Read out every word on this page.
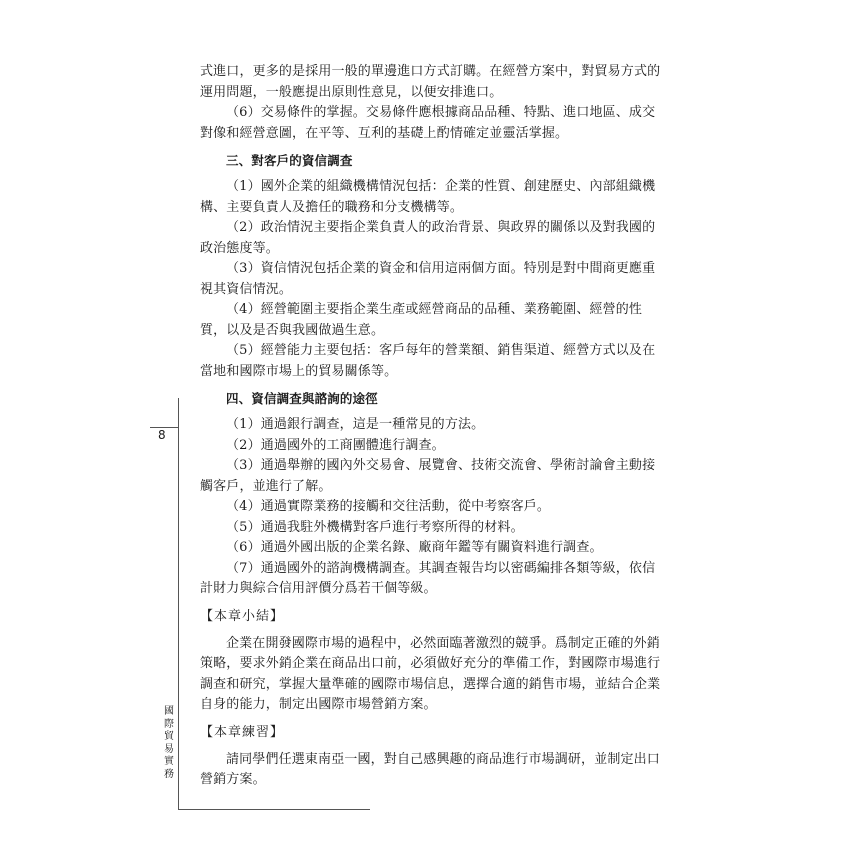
式進口，更多的是採用一般的單邊進口方式訂購。在經營方案中，對貿易方式的運用問題，一般應提出原則性意見，以便安排進口。

（6）交易條件的掌握。交易條件應根據商品品種、特點、進口地區、成交對像和經營意圖，在平等、互利的基礎上酌情確定並靈活掌握。

三、對客戶的資信調查

（1）國外企業的組織機構情況包括：企業的性質、創建歷史、內部組織機構、主要負責人及擔任的職務和分支機構等。

（2）政治情況主要指企業負責人的政治背景、與政界的關係以及對我國的政治態度等。

（3）資信情況包括企業的資金和信用這兩個方面。特別是對中間商更應重視其資信情況。

（4）經營範圍主要指企業生產或經營商品的品種、業務範圍、經營的性質，以及是否與我國做過生意。

（5）經營能力主要包括：客戶每年的營業額、銷售渠道、經營方式以及在當地和國際市場上的貿易關係等。

四、資信調查與諮詢的途徑

（1）通過銀行調查，這是一種常見的方法。

（2）通過國外的工商團體進行調查。

（3）通過舉辦的國內外交易會、展覽會、技術交流會、學術討論會主動接觸客戶，並進行了解。

（4）通過實際業務的接觸和交往活動，從中考察客戶。

（5）通過我駐外機構對客戶進行考察所得的材料。

（6）通過外國出版的企業名錄、廠商年鑑等有關資料進行調查。

（7）通過國外的諮詢機構調查。其調查報告均以密碼編排各類等級，依信計財力與綜合信用評價分爲若干個等級。

【本章小結】

企業在開發國際市場的過程中，必然面臨著激烈的競爭。爲制定正確的外銷策略，要求外銷企業在商品出口前，必須做好充分的準備工作，對國際市場進行調查和研究，掌握大量準確的國際市場信息，選擇合適的銷售市場，並結合企業自身的能力，制定出國際市場營銷方案。

【本章練習】

請同學們任選東南亞一國，對自己感興趣的商品進行市場調研，並制定出口營銷方案。

8
國
際
貿
易
實
務
